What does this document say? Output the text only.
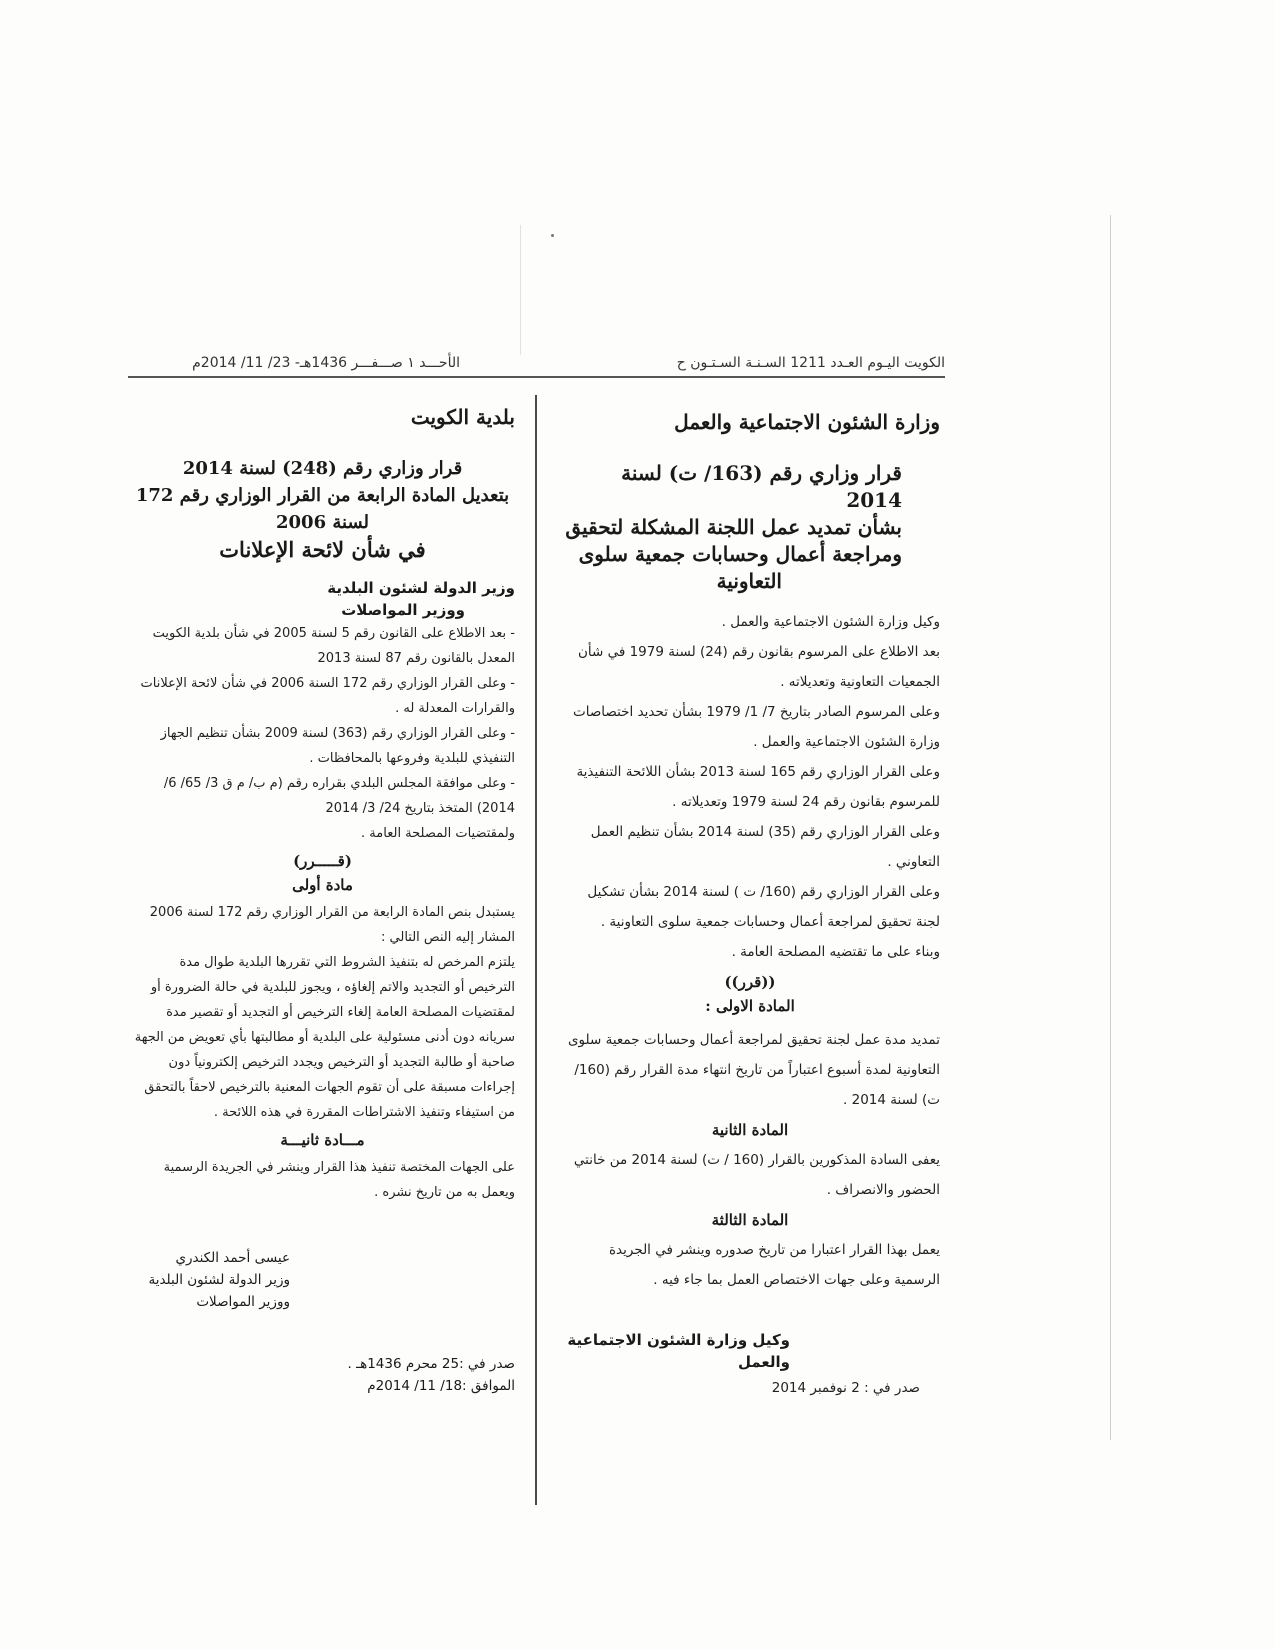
الكويت اليـوم العـدد 1211 السـنـة السـتـون ح
الأحـــد ١ صـــفـــر 1436هـ- 23/ 11/ 2014م
وزارة الشئون الاجتماعية والعمل
قرار وزاري رقم (163/ ت) لسنة 2014
بشأن تمديد عمل اللجنة المشكلة لتحقيق
ومراجعة أعمال وحسابات جمعية سلوى
التعاونية

وكيل وزارة الشئون الاجتماعية والعمل .

بعد الاطلاع على المرسوم بقانون رقم (24) لسنة 1979 في شأن الجمعيات التعاونية وتعديلاته .

وعلى المرسوم الصادر بتاريخ 7/ 1/ 1979 بشأن تحديد اختصاصات وزارة الشئون الاجتماعية والعمل .

وعلى القرار الوزاري رقم 165 لسنة 2013 بشأن اللائحة التنفيذية للمرسوم بقانون رقم 24 لسنة 1979 وتعديلاته .

وعلى القرار الوزاري رقم (35) لسنة 2014 بشأن تنظيم العمل التعاوني .

وعلى القرار الوزاري رقم (160/ ت ) لسنة 2014 بشأن تشكيل لجنة تحقيق لمراجعة أعمال وحسابات جمعية سلوى التعاونية .

وبناء على ما تقتضيه المصلحة العامة .

((قرر))
المادة الاولى :

تمديد مدة عمل لجنة تحقيق لمراجعة أعمال وحسابات جمعية سلوى التعاونية لمدة أسبوع اعتباراً من تاريخ انتهاء مدة القرار رقم (160/ ت) لسنة 2014 .

المادة الثانية

يعفى السادة المذكورين بالقرار (160 / ت) لسنة 2014 من خانتي الحضور والانصراف .

المادة الثالثة

يعمل بهذا القرار اعتبارا من تاريخ صدوره وينشر في الجريدة الرسمية وعلى جهات الاختصاص العمل بما جاء فيه .

وكيل وزارة الشئون الاجتماعية والعمل

صدر في : 2 نوفمبر 2014

بلدية الكويت
قرار وزاري رقم (248) لسنة 2014
بتعديل المادة الرابعة من القرار الوزاري رقم 172
لسنة 2006
في شأن لائحة الإعلانات
وزير الدولة لشئون البلدية
ووزير المواصلات

- بعد الاطلاع على القانون رقم 5 لسنة 2005 في شأن بلدية الكويت المعدل بالقانون رقم 87 لسنة 2013

- وعلى القرار الوزاري رقم 172 السنة 2006 في شأن لائحة الإعلانات والقرارات المعدلة له .

- وعلى القرار الوزاري رقم (363) لسنة 2009 بشأن تنظيم الجهاز التنفيذي للبلدية وفروعها بالمحافظات .

- وعلى موافقة المجلس البلدي بقراره رقم (م ب/ م ق 3/ 65/ 6/ 2014) المتخذ بتاريخ 24/ 3/ 2014

ولمقتضيات المصلحة العامة .

(قـــــرر)
مادة أولى

يستبدل بنص المادة الرابعة من القرار الوزاري رقم 172 لسنة 2006 المشار إليه النص التالي :

يلتزم المرخص له بتنفيذ الشروط التي تقررها البلدية طوال مدة الترخيص أو التجديد والاتم إلغاؤه ، ويجوز للبلدية في حالة الضرورة أو لمقتضيات المصلحة العامة إلغاء الترخيص أو التجديد أو تقصير مدة سريانه دون أدنى مسئولية على البلدية أو مطالبتها بأي تعويض من الجهة صاحبة أو طالبة التجديد أو الترخيص ويجدد الترخيص إلكترونياً دون إجراءات مسبقة على أن تقوم الجهات المعنية بالترخيص لاحقاً بالتحقق من استيفاء وتنفيذ الاشتراطات المقررة في هذه اللائحة .

مـــادة ثانيـــة

على الجهات المختصة تنفيذ هذا القرار وينشر في الجريدة الرسمية ويعمل به من تاريخ نشره .

عيسى أحمد الكندري

وزير الدولة لشئون البلدية

ووزير المواصلات

صدر في :25 محرم 1436هـ .

الموافق :18/ 11/ 2014م
